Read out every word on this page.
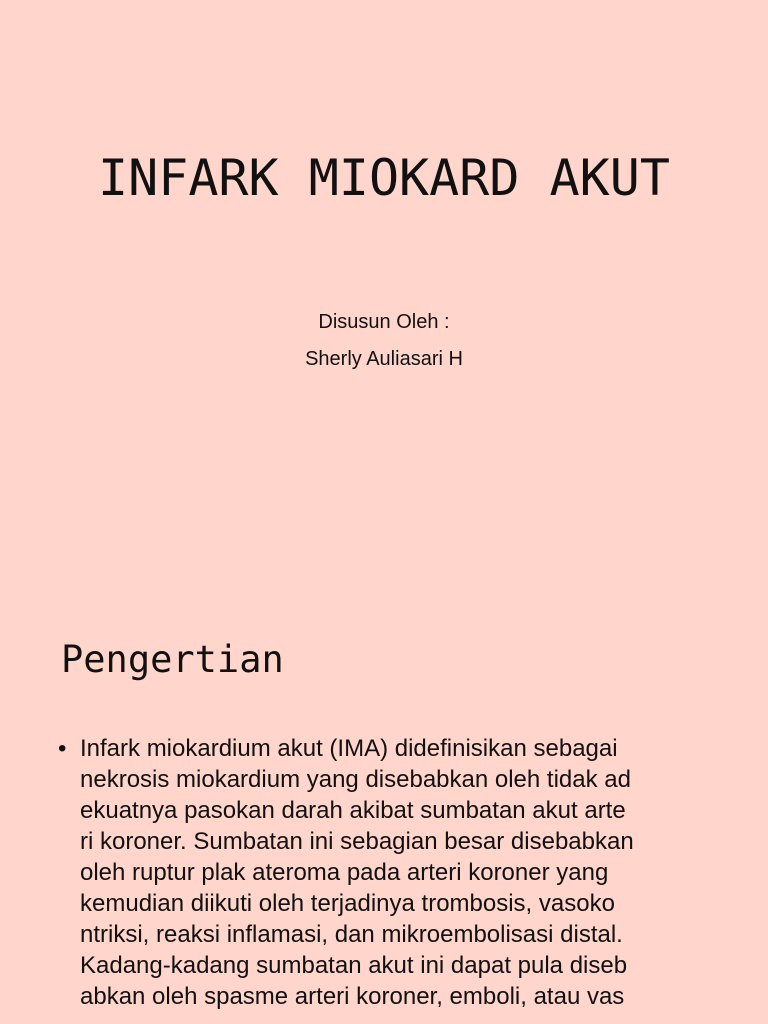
INFARK MIOKARD AKUT
Disusun Oleh :
Sherly Auliasari H
Pengertian
• Infark miokardium akut (IMA) didefinisikan sebagai
nekrosis miokardium yang disebabkan oleh tidak ad
ekuatnya pasokan darah akibat sumbatan akut arte
ri koroner. Sumbatan ini sebagian besar disebabkan
oleh ruptur plak ateroma pada arteri koroner yang
kemudian diikuti oleh terjadinya trombosis, vasoko
ntriksi, reaksi inflamasi, dan mikroembolisasi distal.
Kadang-kadang sumbatan akut ini dapat pula diseb
abkan oleh spasme arteri koroner, emboli, atau vas
